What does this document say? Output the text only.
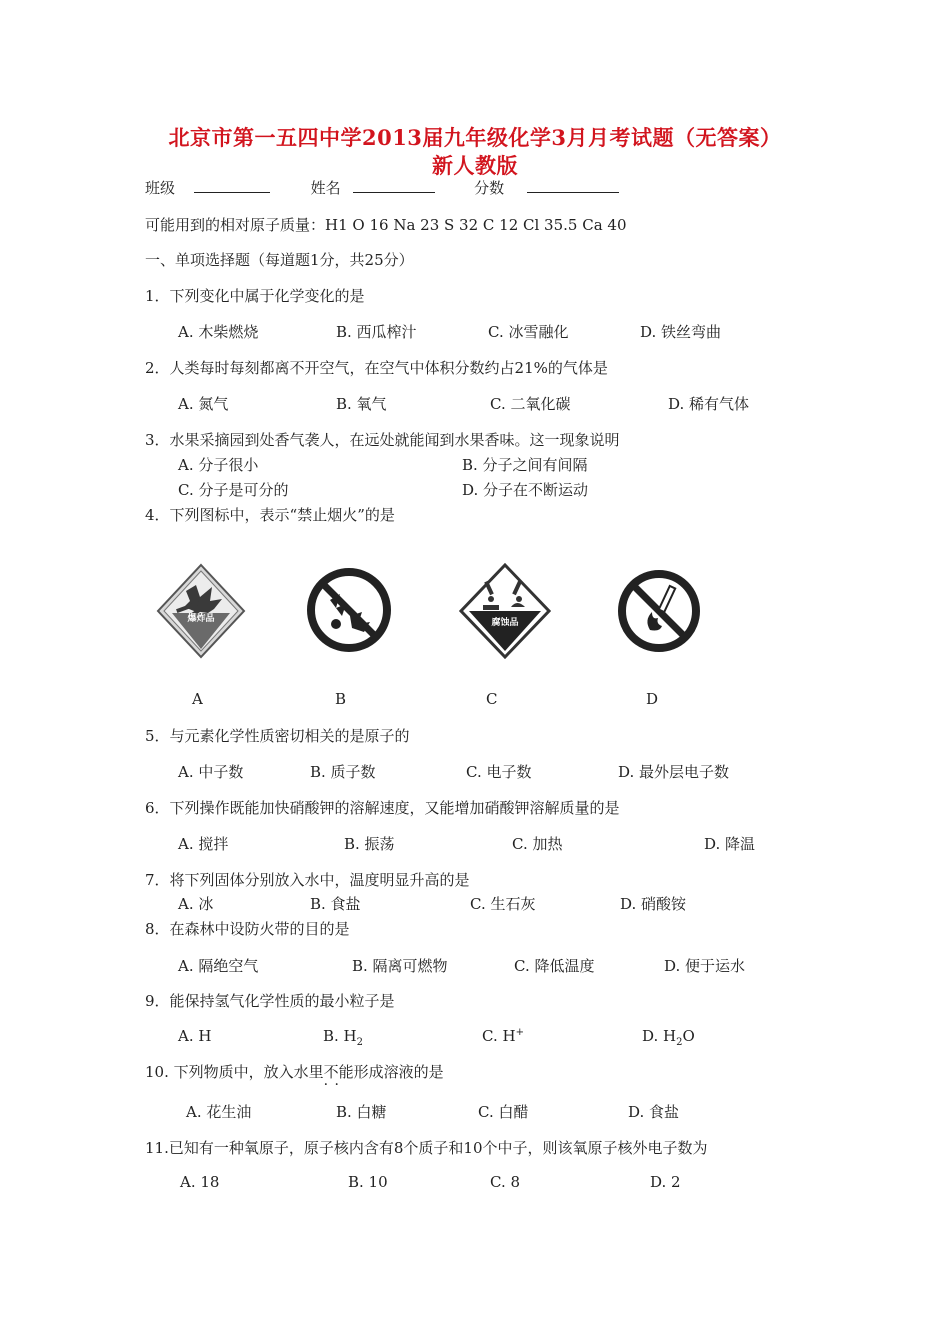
北京市第一五四中学2013届九年级化学3月月考试题（无答案）
新人教版
班级	姓名	分数
可能用到的相对原子质量：H1 O 16 Na 23 S 32 C 12 Cl 35.5 Ca 40
一、单项选择题（每道题1分，共25分）
1．下列变化中属于化学变化的是
A. 木柴燃烧	B. 西瓜榨汁	C. 冰雪融化	D. 铁丝弯曲
2．人类每时每刻都离不开空气，在空气中体积分数约占21%的气体是
A. 氮气	B. 氧气	C. 二氧化碳	D. 稀有气体
3．水果采摘园到处香气袭人，在远处就能闻到水果香味。这一现象说明
A. 分子很小	B. 分子之间有间隔
C. 分子是可分的	D. 分子在不断运动
4．下列图标中，表示“禁止烟火”的是
爆炸品	腐蚀品
A	B	C	D
5．与元素化学性质密切相关的是原子的
A. 中子数	B. 质子数	C. 电子数	D. 最外层电子数
6．下列操作既能加快硝酸钾的溶解速度，又能增加硝酸钾溶解质量的是
A. 搅拌	B. 振荡	C. 加热	D. 降温
7．将下列固体分别放入水中，温度明显升高的是
A. 冰	B. 食盐	C. 生石灰	D. 硝酸铵
8．在森林中设防火带的目的是
A. 隔绝空气	B. 隔离可燃物	C. 降低温度	D. 便于运水
9．能保持氢气化学性质的最小粒子是
A. H	B. $H_2$	C. H+	D. $H_2O$
10. 下列物质中，放入水里不能 · ·形成溶液的是
A. 花生油	B. 白糖	C. 白醋	D. 食盐
11.已知有一种氧原子，原子核内含有8个质子和10个中子，则该氧原子核外电子数为
A. 18	B. 10	C. 8	D. 2
